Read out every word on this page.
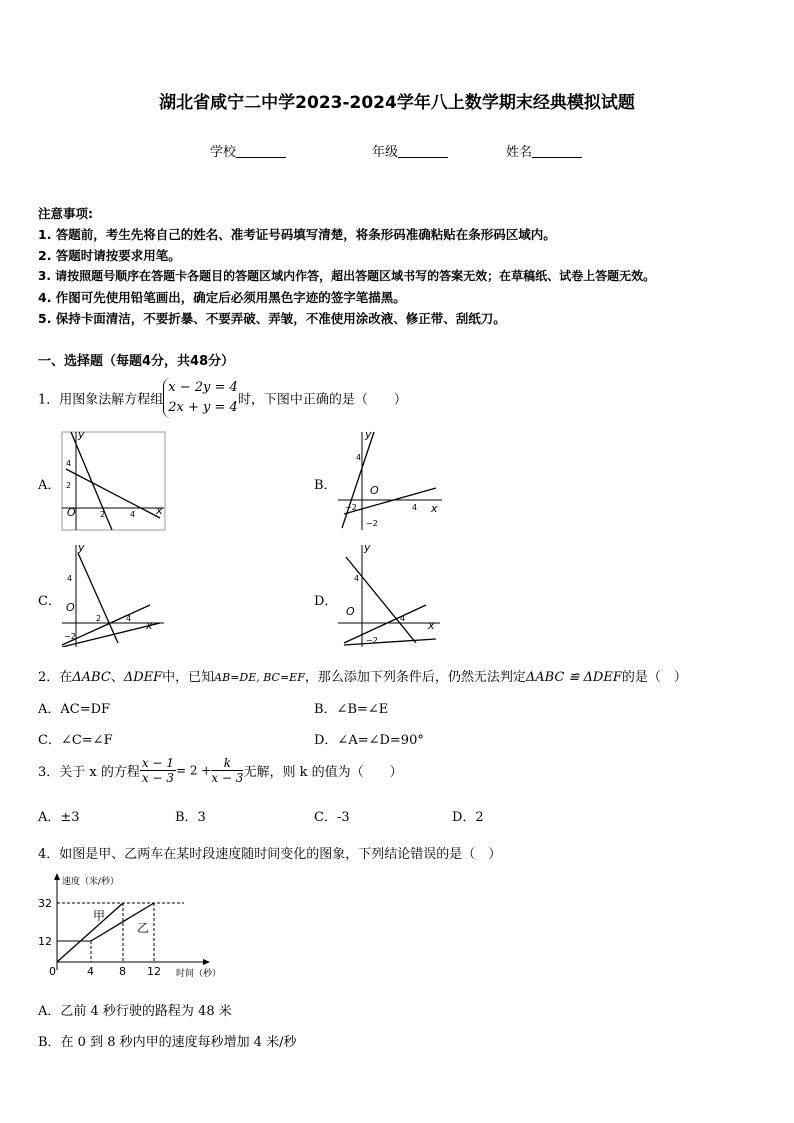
湖北省咸宁二中学2023-2024学年八上数学期末经典模拟试题
学校	年级	姓名
注意事项:
1. 答题前，考生先将自己的姓名、准考证号码填写清楚，将条形码准确粘贴在条形码区域内。
2. 答题时请按要求用笔。
3. 请按照题号顺序在答题卡各题目的答题区域内作答，超出答题区域书写的答案无效；在草稿纸、试卷上答题无效。
4. 作图可先使用铅笔画出，确定后必须用黑色字迹的签字笔描黑。
5. 保持卡面清洁，不要折暴、不要弄破、弄皱，不准使用涂改液、修正带、刮纸刀。
一、选择题（每题4分，共48分）
1．用图象法解方程组
x − 2y = 4
2x + y = 4 时，下图中正确的是（　　）
A．	B．
C．	D．
y
x
O
4
2
2	4
y
x
O
4
−2
−2
4
y
x
O
4
−2
2	4
y
x
O
4
−2
4
2．在ΔABC、ΔDEF中，已知AB=DE, BC=EF，那么添加下列条件后，仍然无法判定ΔABC ≌ ΔDEF的是（　）
A．AC=DF	B．∠B=∠E
C．∠C=∠F	D．∠A=∠D=90°
3．关于 x 的方程 $\frac{x - 1}{x - 3} = 2 + \frac{k}{x - 3}$ 无解，则 k 的值为（　　）
A．±3	B．3	C．-3	D．2
4．如图是甲、乙两车在某时段速度随时间变化的图象，下列结论错误的是（　）
速度（米/秒）
时间（秒）
32
12
0	4 8 12
甲
乙
A．乙前 4 秒行驶的路程为 48 米
B．在 0 到 8 秒内甲的速度每秒增加 4 米/秒
